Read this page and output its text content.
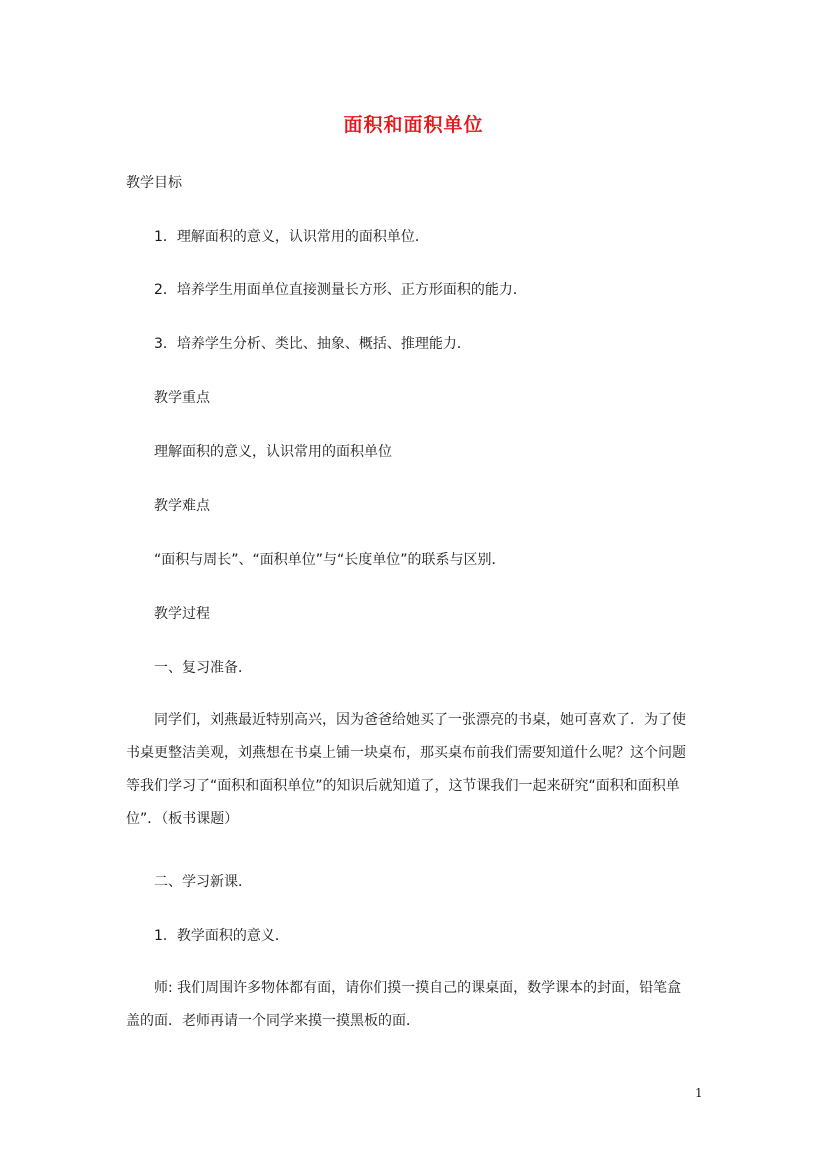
面积和面积单位
教学目标
1．理解面积的意义，认识常用的面积单位．
2．培养学生用面单位直接测量长方形、正方形面积的能力．
3．培养学生分析、类比、抽象、概括、推理能力．
教学重点
理解面积的意义，认识常用的面积单位
教学难点
“面积与周长”、“面积单位”与“长度单位”的联系与区别．
教学过程
一、复习准备．
同学们，刘燕最近特别高兴，因为爸爸给她买了一张漂亮的书桌，她可喜欢了．为了使书桌更整洁美观，刘燕想在书桌上铺一块桌布，那买桌布前我们需要知道什么呢？这个问题等我们学习了“面积和面积单位”的知识后就知道了，这节课我们一起来研究“面积和面积单位”．（板书课题）
二、学习新课．
1．教学面积的意义．
师: 我们周围许多物体都有面，请你们摸一摸自己的课桌面，数学课本的封面，铅笔盒盖的面．老师再请一个同学来摸一摸黑板的面．
1
